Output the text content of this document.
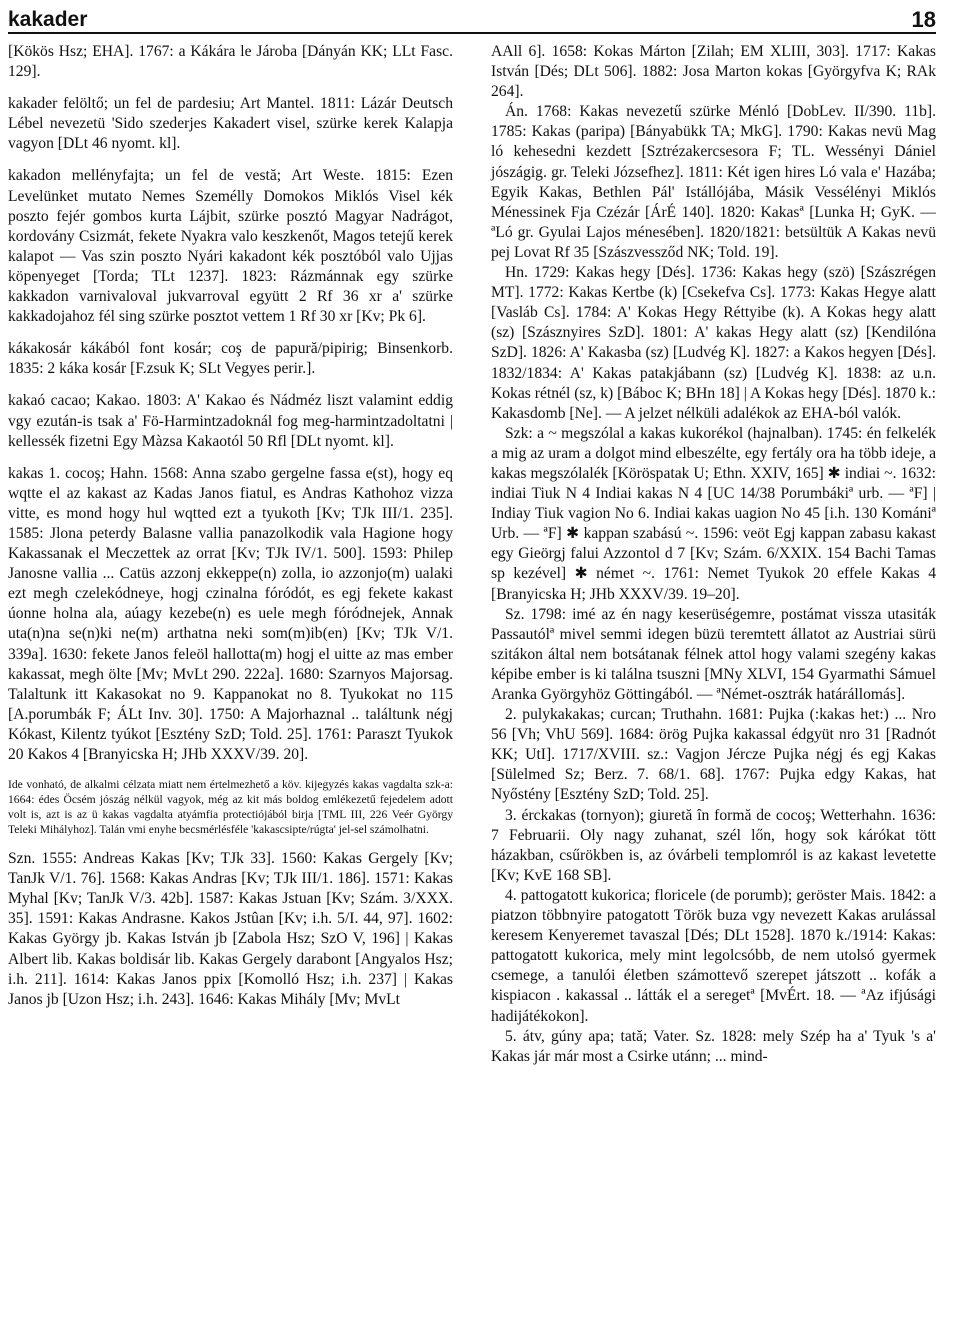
kakader	18

[Kökös Hsz; EHA]. 1767: a Kákára le Jároba [Dányán KK; LLt Fasc. 129].

kakader felöltő; un fel de pardesiu; Art Mantel. 1811: Lázár Deutsch Lébel nevezetü 'Sido szederjes Kakadert visel, szürke kerek Kalapja vagyon [DLt 46 nyomt. kl].

kakadon mellényfajta; un fel de vestă; Art Weste. 1815: Ezen Levelünket mutato Nemes Személly Domokos Miklós Visel kék poszto fejér gombos kurta Lájbit, szürke posztó Magyar Nadrágot, kordovány Csizmát, fekete Nyakra valo keszkenőt, Magos tetejű kerek kalapot — Vas szin poszto Nyári kakadont kék posztóból valo Ujjas köpenyeget [Torda; TLt 1237]. 1823: Rázmánnak egy szürke kakkadon varnivaloval jukvarroval együtt 2 Rf 36 xr a' szürke kakkadojahoz fél sing szürke posztot vettem 1 Rf 30 xr [Kv; Pk 6].

kákakosár kákából font kosár; coş de papură/pipirig; Binsenkorb. 1835: 2 káka kosár [F.zsuk K; SLt Vegyes perir.].

kakaó cacao; Kakao. 1803: A' Kakao és Nádméz liszt valamint eddig vgy ezután-is tsak a' Fö-Harmintzadoknál fog meg-harmintzadoltatni | kellessék fizetni Egy Màzsa Kakaotól 50 Rfl [DLt nyomt. kl].

kakas 1. cocoş; Hahn. 1568: Anna szabo gergelne fassa e(st), hogy eq wqtte el az kakast az Kadas Janos fiatul, es Andras Kathohoz vizza vitte, es mond hogy hul wqtted ezt a tyukoth [Kv; TJk III/1. 235]. 1585: Jlona peterdy Balasne vallia panazolkodik vala Hagione hogy Kakassanak el Meczettek az orrat [Kv; TJk IV/1. 500]. 1593: Philep Janosne vallia ... Catüs azzonj ekkeppe(n) zolla, io azzonjo(m) ualaki ezt megh czelekódneye, hogj czinalna fóródót, es egj fekete kakast úonne holna ala, aúagy kezebe(n) es uele megh fóródnejek, Annak uta(n)na se(n)ki ne(m) arthatna neki som(m)ib(en) [Kv; TJk V/1. 339a]. 1630: fekete Janos feleöl hallotta(m) hogj el uitte az mas ember kakassat, megh ölte [Mv; MvLt 290. 222a]. 1680: Szarnyos Majorsag. Talaltunk itt Kakasokat no 9. Kappanokat no 8. Tyukokat no 115 [A.porumbák F; ÁLt Inv. 30]. 1750: A Majorhaznal .. találtunk négj Kókast, Kilentz tyúkot [Esztény SzD; Told. 25]. 1761: Paraszt Tyukok 20 Kakos 4 [Branyicska H; JHb XXXV/39. 20].

Ide vonható, de alkalmi célzata miatt nem értelmezhető a köv. kijegyzés kakas vagdalta szk-a: 1664: édes Öcsém jószág nélkül vagyok, még az kit más boldog emlékezetű fejedelem adott volt is, azt is az ü kakas vagdalta atyámfia protectiójából birja [TML III, 226 Veér György Teleki Mihályhoz]. Talán vmi enyhe becsmérlésféle 'kakascsipte/rúgta' jel-sel számolhatni.

Szn. 1555: Andreas Kakas [Kv; TJk 33]. 1560: Kakas Gergely [Kv; TanJk V/1. 76]. 1568: Kakas Andras [Kv; TJk III/1. 186]. 1571: Kakas Myhal [Kv; TanJk V/3. 42b]. 1587: Kakas Jstuan [Kv; Szám. 3/XXX. 35]. 1591: Kakas Andrasne. Kakos Jstûan [Kv; i.h. 5/I. 44, 97]. 1602: Kakas György jb. Kakas István jb [Zabola Hsz; SzO V, 196] | Kakas Albert lib. Kakas boldisár lib. Kakas Gergely darabont [Angyalos Hsz; i.h. 211]. 1614: Kakas Janos ppix [Komolló Hsz; i.h. 237] | Kakas Janos jb [Uzon Hsz; i.h. 243]. 1646: Kakas Mihály [Mv; MvLt

AAll 6]. 1658: Kokas Márton [Zilah; EM XLIII, 303]. 1717: Kakas István [Dés; DLt 506]. 1882: Josa Marton kokas [Györgyfva K; RAk 264].

Án. 1768: Kakas nevezetű szürke Ménló [DobLev. II/390. 11b]. 1785: Kakas (paripa) [Bányabükk TA; MkG]. 1790: Kakas nevü Mag ló kehesedni kezdett [Sztrézakercsesora F; TL. Wessényi Dániel jószágig. gr. Teleki Józsefhez]. 1811: Két igen hires Ló vala e' Hazába; Egyik Kakas, Bethlen Pál' Istállójába, Másik Vessélényi Miklós Ménessinek Fja Czézár [ÁrÉ 140]. 1820: Kakasª [Lunka H; GyK. — ªLó gr. Gyulai Lajos ménesében]. 1820/1821: betsültük A Kakas nevü pej Lovat Rf 35 [Szászvessződ NK; Told. 19].

Hn. 1729: Kakas hegy [Dés]. 1736: Kakas hegy (szö) [Szászrégen MT]. 1772: Kakas Kertbe (k) [Csekefva Cs]. 1773: Kakas Hegye alatt [Vasláb Cs]. 1784: A' Kokas Hegy Réttyibe (k). A Kokas hegy alatt (sz) [Szásznyires SzD]. 1801: A' kakas Hegy alatt (sz) [Kendilóna SzD]. 1826: A' Kakasba (sz) [Ludvég K]. 1827: a Kakos hegyen [Dés]. 1832/1834: A' Kakas patakjábann (sz) [Ludvég K]. 1838: az u.n. Kokas rétnél (sz, k) [Báboc K; BHn 18] | A Kokas hegy [Dés]. 1870 k.: Kakasdomb [Ne]. — A jelzet nélküli adalékok az EHA-ból valók.

Szk: a ~ megszólal a kakas kukorékol (hajnalban). 1745: én felkelék a mig az uram a dolgot mind elbeszélte, egy fertály ora ha több ideje, a kakas megszólalék [Köröspatak U; Ethn. XXIV, 165] ✱ indiai ~. 1632: indiai Tiuk N 4 Indiai kakas N 4 [UC 14/38 Porumbákiª urb. — ªF] | Indiay Tiuk vagion No 6. Indiai kakas uagion No 45 [i.h. 130 Komániª Urb. — ªF] ✱ kappan szabású ~. 1596: veöt Egj kappan zabasu kakast egy Gieörgj falui Azzontol d 7 [Kv; Szám. 6/XXIX. 154 Bachi Tamas sp kezével] ✱ német ~. 1761: Nemet Tyukok 20 effele Kakas 4 [Branyicska H; JHb XXXV/39. 19–20].

Sz. 1798: imé az én nagy keserüségemre, postámat vissza utasiták Passautólª mivel semmi idegen büzü teremtett állatot az Austriai sürü szitákon által nem botsátanak félnek attol hogy valami szegény kakas képibe ember is ki találna tsuszni [MNy XLVI, 154 Gyarmathi Sámuel Aranka Györgyhöz Göttingából. — ªNémet-osztrák határállomás].

2. pulykakakas; curcan; Truthahn. 1681: Pujka (:kakas het:) ... Nro 56 [Vh; VhU 569]. 1684: örög Pujka kakassal édgyüt nro 31 [Radnót KK; UtI]. 1717/XVIII. sz.: Vagjon Jércze Pujka négj és egj Kakas [Sülelmed Sz; Berz. 7. 68/1. 68]. 1767: Pujka edgy Kakas, hat Nyőstény [Esztény SzD; Told. 25].

3. érckakas (tornyon); giuretă în formă de cocoş; Wetterhahn. 1636: 7 Februarii. Oly nagy zuhanat, szél lőn, hogy sok kárókat tött házakban, csűrökben is, az óvárbeli templomról is az kakast levetette [Kv; KvE 168 SB].

4. pattogatott kukorica; floricele (de porumb); geröster Mais. 1842: a piatzon többnyire patogatott Török buza vgy nevezett Kakas arulással keresem Kenyeremet tavaszal [Dés; DLt 1528]. 1870 k./1914: Kakas: pattogatott kukorica, mely mint legolcsóbb, de nem utolsó gyermek csemege, a tanulói életben számottevő szerepet játszott .. kofák a kispiacon . kakassal .. látták el a seregetª [MvÉrt. 18. — ªAz ifjúsági hadijátékokon].

5. átv, gúny apa; tată; Vater. Sz. 1828: mely Szép ha a' Tyuk 's a' Kakas jár már most a Csirke utánn; ... mind-
